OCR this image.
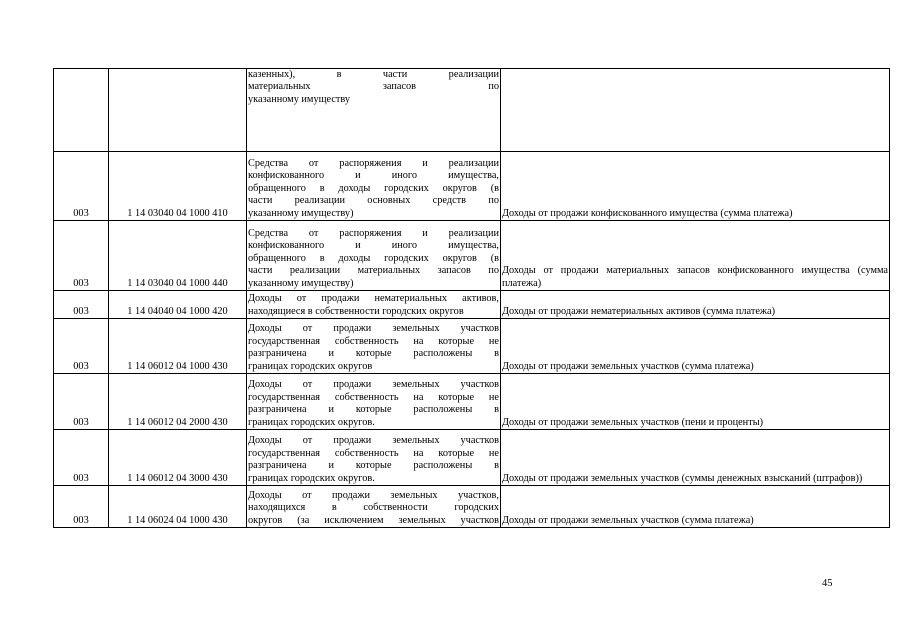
		казенных), в части реализации
материальных запасов по
указанному имуществу	

003	1 14 03040 04 1000 410	Средства от распоряжения и реализации
конфискованного и иного имущества,
обращенного в доходы городских округов (в
части реализации основных средств по
указанному имуществу)	Доходы от продажи конфискованного имущества (сумма платежа)
003	1 14 03040 04 1000 440	Средства от распоряжения и реализации
конфискованного и иного имущества,
обращенного в доходы городских округов (в
части реализации материальных запасов по
указанному имуществу)	Доходы от продажи материальных запасов конфискованного имущества (сумма платежа)
003	1 14 04040 04 1000 420	Доходы от продажи нематериальных активов,
находящиеся в собственности городских округов	Доходы от продажи нематериальных активов (сумма платежа)
003	1 14 06012 04 1000 430	Доходы от продажи земельных участков
государственная собственность на которые не
разграничена и которые расположены в
границах городских округов	Доходы от продажи земельных участков (сумма платежа)
003	1 14 06012 04 2000 430	Доходы от продажи земельных участков
государственная собственность на которые не
разграничена и которые расположены в
границах городских округов.	Доходы от продажи земельных участков (пени и проценты)
003	1 14 06012 04 3000 430	Доходы от продажи земельных участков
государственная собственность на которые не
разграничена и которые расположены в
границах городских округов.	Доходы от продажи земельных участков (суммы денежных взысканий (штрафов))
003	1 14 06024 04 1000 430	Доходы от продажи земельных участков,
находящихся в собственности городских
округов (за исключением земельных участков	Доходы от продажи земельных участков (сумма платежа)
45
